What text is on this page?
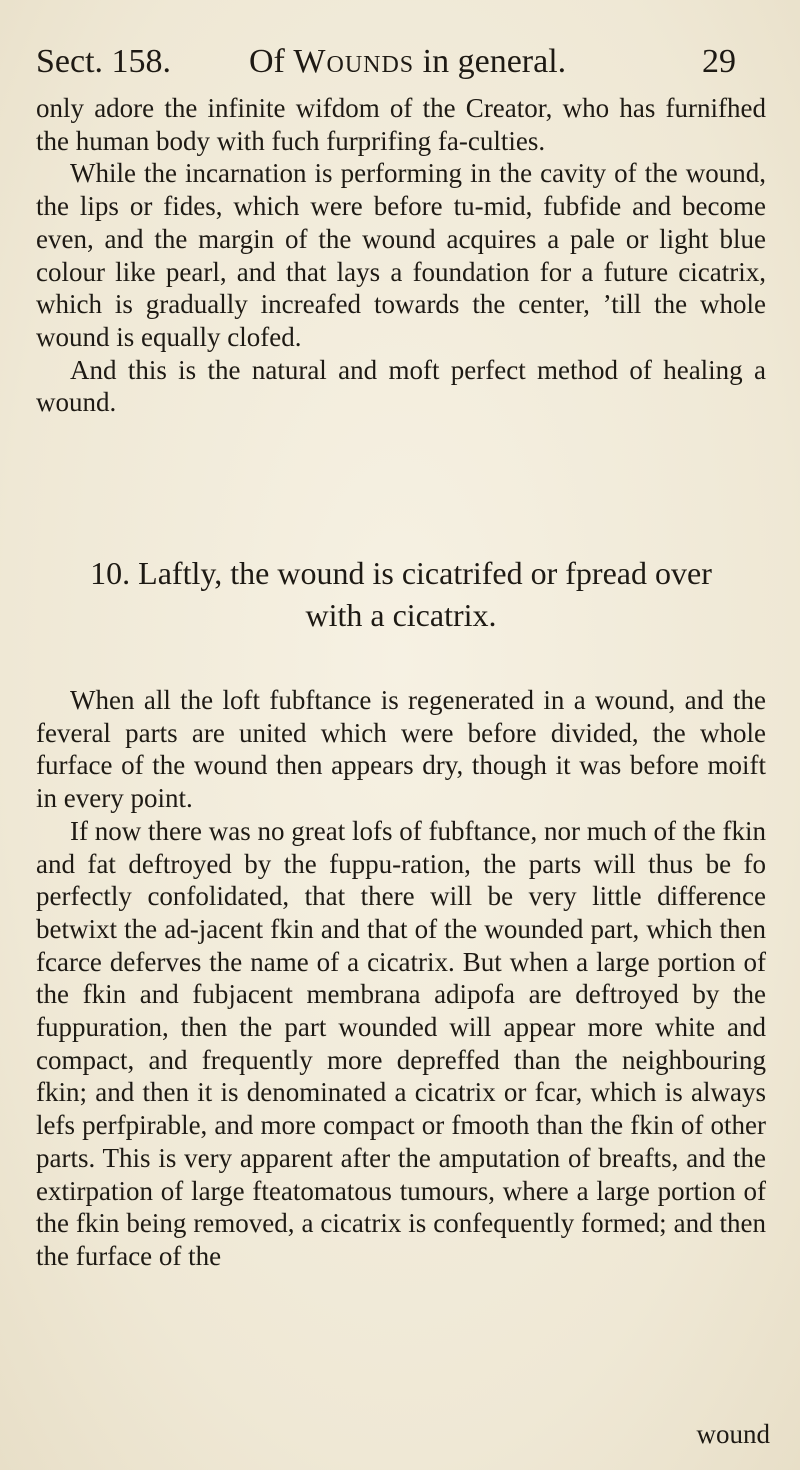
Sect. 158. Of Wounds in general.	29

only adore the infinite wifdom of the Creator, who has furnifhed the human body with fuch furprifing fa-culties.

While the incarnation is performing in the cavity of the wound, the lips or fides, which were before tu-mid, fubfide and become even, and the margin of the wound acquires a pale or light blue colour like pearl, and that lays a foundation for a future cicatrix, which is gradually increafed towards the center, ’till the whole wound is equally clofed.

And this is the natural and moft perfect method of healing a wound.

10. Laftly, the wound is cicatrifed or fpread over
with a cicatrix.

When all the loft fubftance is regenerated in a wound, and the feveral parts are united which were before divided, the whole furface of the wound then appears dry, though it was before moift in every point.

If now there was no great lofs of fubftance, nor much of the fkin and fat deftroyed by the fuppu-ration, the parts will thus be fo perfectly confolidated, that there will be very little difference betwixt the ad-jacent fkin and that of the wounded part, which then fcarce deferves the name of a cicatrix. But when a large portion of the fkin and fubjacent membrana adipofa are deftroyed by the fuppuration, then the part wounded will appear more white and compact, and frequently more depreffed than the neighbouring fkin; and then it is denominated a cicatrix or fcar, which is always lefs perfpirable, and more compact or fmooth than the fkin of other parts. This is very apparent after the amputation of breafts, and the extirpation of large fteatomatous tumours, where a large portion of the fkin being removed, a cicatrix is confequently formed; and then the furface of the

wound
